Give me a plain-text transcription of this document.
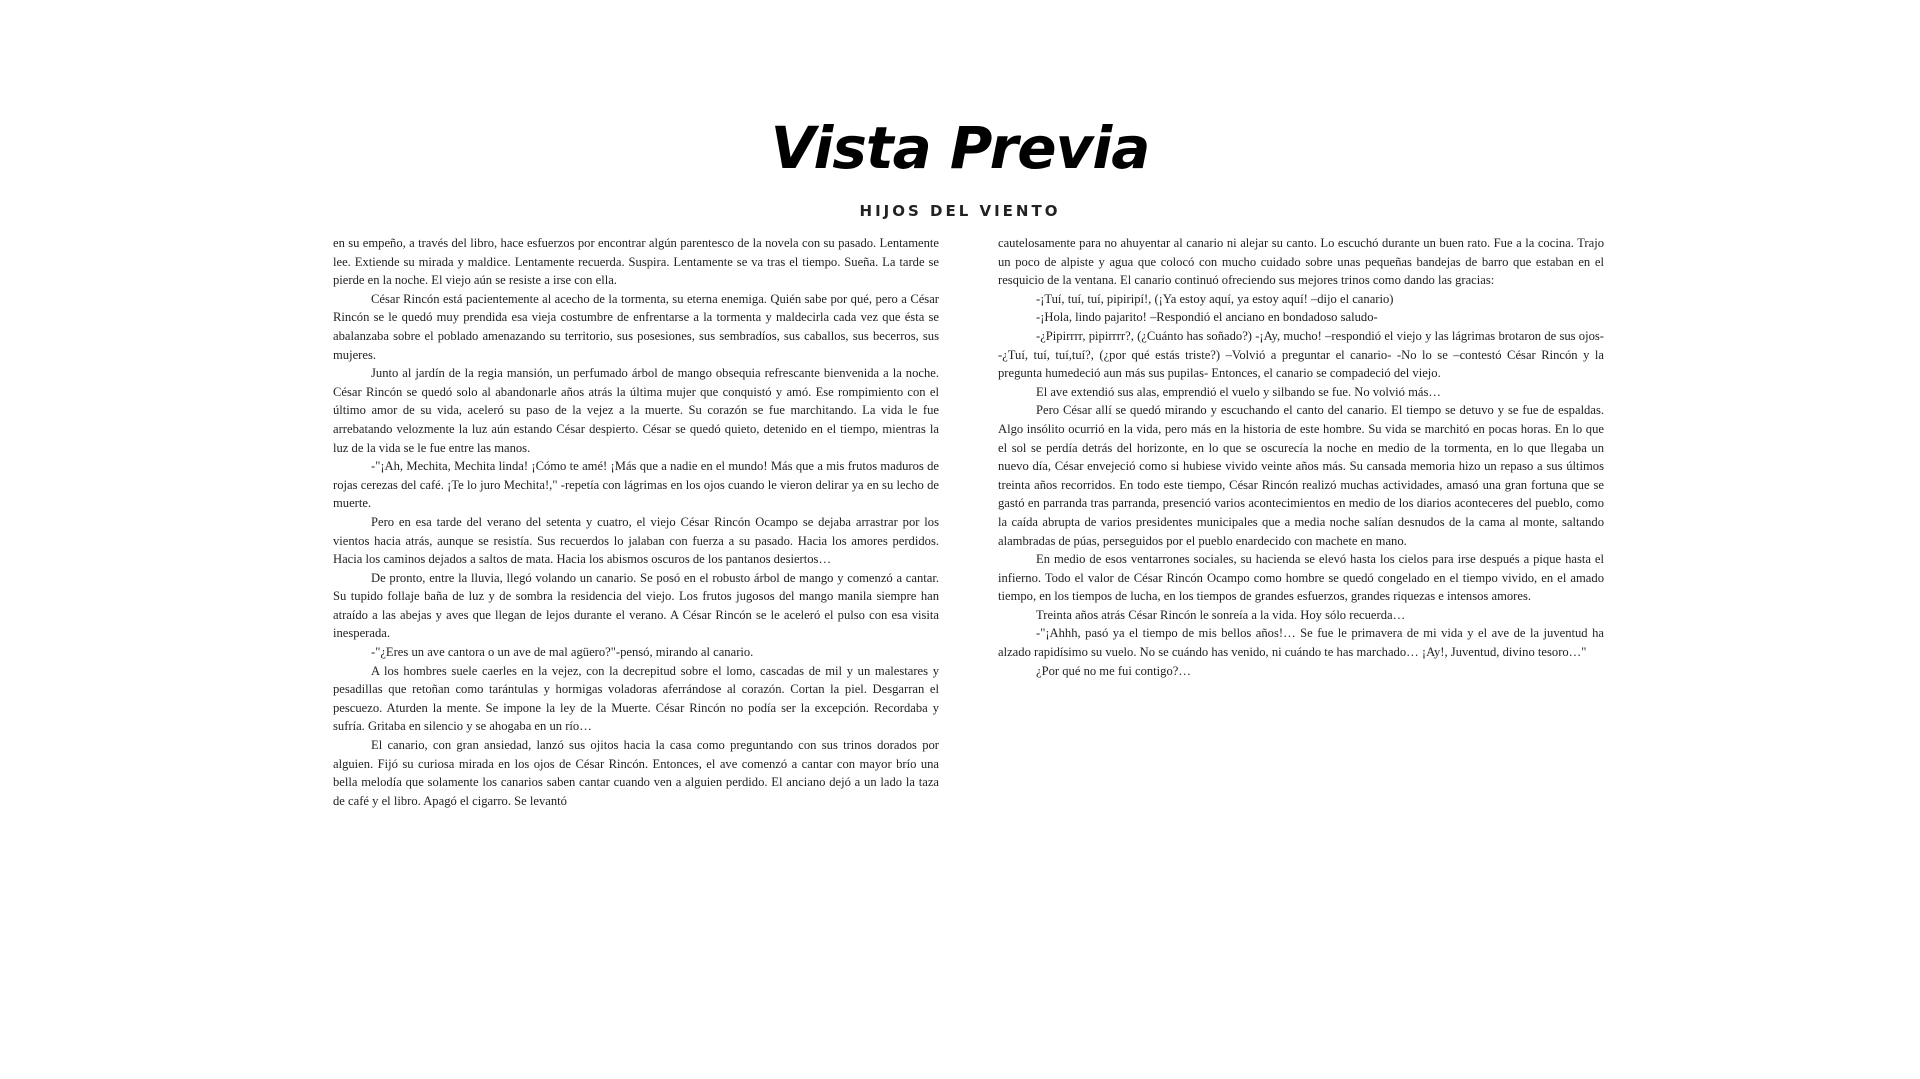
Vista Previa
HIJOS DEL VIENTO

en su empeño, a través del libro, hace esfuerzos por encontrar algún parentesco de la novela con su pasado. Lentamente lee. Extiende su mirada y maldice. Lentamente recuerda. Suspira. Lentamente se va tras el tiempo. Sueña. La tarde se pierde en la noche. El viejo aún se resiste a irse con ella.

César Rincón está pacientemente al acecho de la tormenta, su eterna enemiga. Quién sabe por qué, pero a César Rincón se le quedó muy prendida esa vieja costumbre de enfrentarse a la tormenta y maldecirla cada vez que ésta se abalanzaba sobre el poblado amenazando su territorio, sus posesiones, sus sembradíos, sus caballos, sus becerros, sus mujeres.

Junto al jardín de la regia mansión, un perfumado árbol de mango obsequia refrescante bienvenida a la noche. César Rincón se quedó solo al abandonarle años atrás la última mujer que conquistó y amó. Ese rompimiento con el último amor de su vida, aceleró su paso de la vejez a la muerte. Su corazón se fue marchitando. La vida le fue arrebatando velozmente la luz aún estando César despierto. César se quedó quieto, detenido en el tiempo, mientras la luz de la vida se le fue entre las manos.

-"¡Ah, Mechita, Mechita linda! ¡Cómo te amé! ¡Más que a nadie en el mundo! Más que a mis frutos maduros de rojas cerezas del café. ¡Te lo juro Mechita!," -repetía con lágrimas en los ojos cuando le vieron delirar ya en su lecho de muerte.

Pero en esa tarde del verano del setenta y cuatro, el viejo César Rincón Ocampo se dejaba arrastrar por los vientos hacia atrás, aunque se resistía. Sus recuerdos lo jalaban con fuerza a su pasado. Hacia los amores perdidos. Hacia los caminos dejados a saltos de mata. Hacia los abismos oscuros de los pantanos desiertos…

De pronto, entre la lluvia, llegó volando un canario. Se posó en el robusto árbol de mango y comenzó a cantar. Su tupido follaje baña de luz y de sombra la residencia del viejo. Los frutos jugosos del mango manila siempre han atraído a las abejas y aves que llegan de lejos durante el verano. A César Rincón se le aceleró el pulso con esa visita inesperada.

-"¿Eres un ave cantora o un ave de mal agüero?"-pensó, mirando al canario.

A los hombres suele caerles en la vejez, con la decrepitud sobre el lomo, cascadas de mil y un malestares y pesadillas que retoñan como tarántulas y hormigas voladoras aferrándose al corazón. Cortan la piel. Desgarran el pescuezo. Aturden la mente. Se impone la ley de la Muerte. César Rincón no podía ser la excepción. Recordaba y sufría. Gritaba en silencio y se ahogaba en un río…

El canario, con gran ansiedad, lanzó sus ojitos hacia la casa como preguntando con sus trinos dorados por alguien. Fijó su curiosa mirada en los ojos de César Rincón. Entonces, el ave comenzó a cantar con mayor brío una bella melodía que solamente los canarios saben cantar cuando ven a alguien perdido. El anciano dejó a un lado la taza de café y el libro. Apagó el cigarro. Se levantó

cautelosamente para no ahuyentar al canario ni alejar su canto. Lo escuchó durante un buen rato. Fue a la cocina. Trajo un poco de alpiste y agua que colocó con mucho cuidado sobre unas pequeñas bandejas de barro que estaban en el resquicio de la ventana. El canario continuó ofreciendo sus mejores trinos como dando las gracias:

-¡Tuí, tuí, tuí, pipiripí!, (¡Ya estoy aquí, ya estoy aquí! –dijo el canario)

-¡Hola, lindo pajarito! –Respondió el anciano en bondadoso saludo-

-¿Pipirrrr, pipirrrr?, (¿Cuánto has soñado?) -¡Ay, mucho! –respondió el viejo y las lágrimas brotaron de sus ojos- -¿Tuí, tuí, tuí,tuí?, (¿por qué estás triste?) –Volvió a preguntar el canario- -No lo se –contestó César Rincón y la pregunta humedeció aun más sus pupilas- Entonces, el canario se compadeció del viejo.

El ave extendió sus alas, emprendió el vuelo y silbando se fue. No volvió más…

Pero César allí se quedó mirando y escuchando el canto del canario. El tiempo se detuvo y se fue de espaldas. Algo insólito ocurrió en la vida, pero más en la historia de este hombre. Su vida se marchitó en pocas horas. En lo que el sol se perdía detrás del horizonte, en lo que se oscurecía la noche en medio de la tormenta, en lo que llegaba un nuevo día, César envejeció como si hubiese vivido veinte años más. Su cansada memoria hizo un repaso a sus últimos treinta años recorridos. En todo este tiempo, César Rincón realizó muchas actividades, amasó una gran fortuna que se gastó en parranda tras parranda, presenció varios acontecimientos en medio de los diarios aconteceres del pueblo, como la caída abrupta de varios presidentes municipales que a media noche salían desnudos de la cama al monte, saltando alambradas de púas, perseguidos por el pueblo enardecido con machete en mano.

En medio de esos ventarrones sociales, su hacienda se elevó hasta los cielos para irse después a pique hasta el infierno. Todo el valor de César Rincón Ocampo como hombre se quedó congelado en el tiempo vivido, en el amado tiempo, en los tiempos de lucha, en los tiempos de grandes esfuerzos, grandes riquezas e intensos amores.

Treinta años atrás César Rincón le sonreía a la vida. Hoy sólo recuerda…

-"¡Ahhh, pasó ya el tiempo de mis bellos años!… Se fue le primavera de mi vida y el ave de la juventud ha alzado rapidísimo su vuelo. No se cuándo has venido, ni cuándo te has marchado… ¡Ay!, Juventud, divino tesoro…"

¿Por qué no me fui contigo?…
